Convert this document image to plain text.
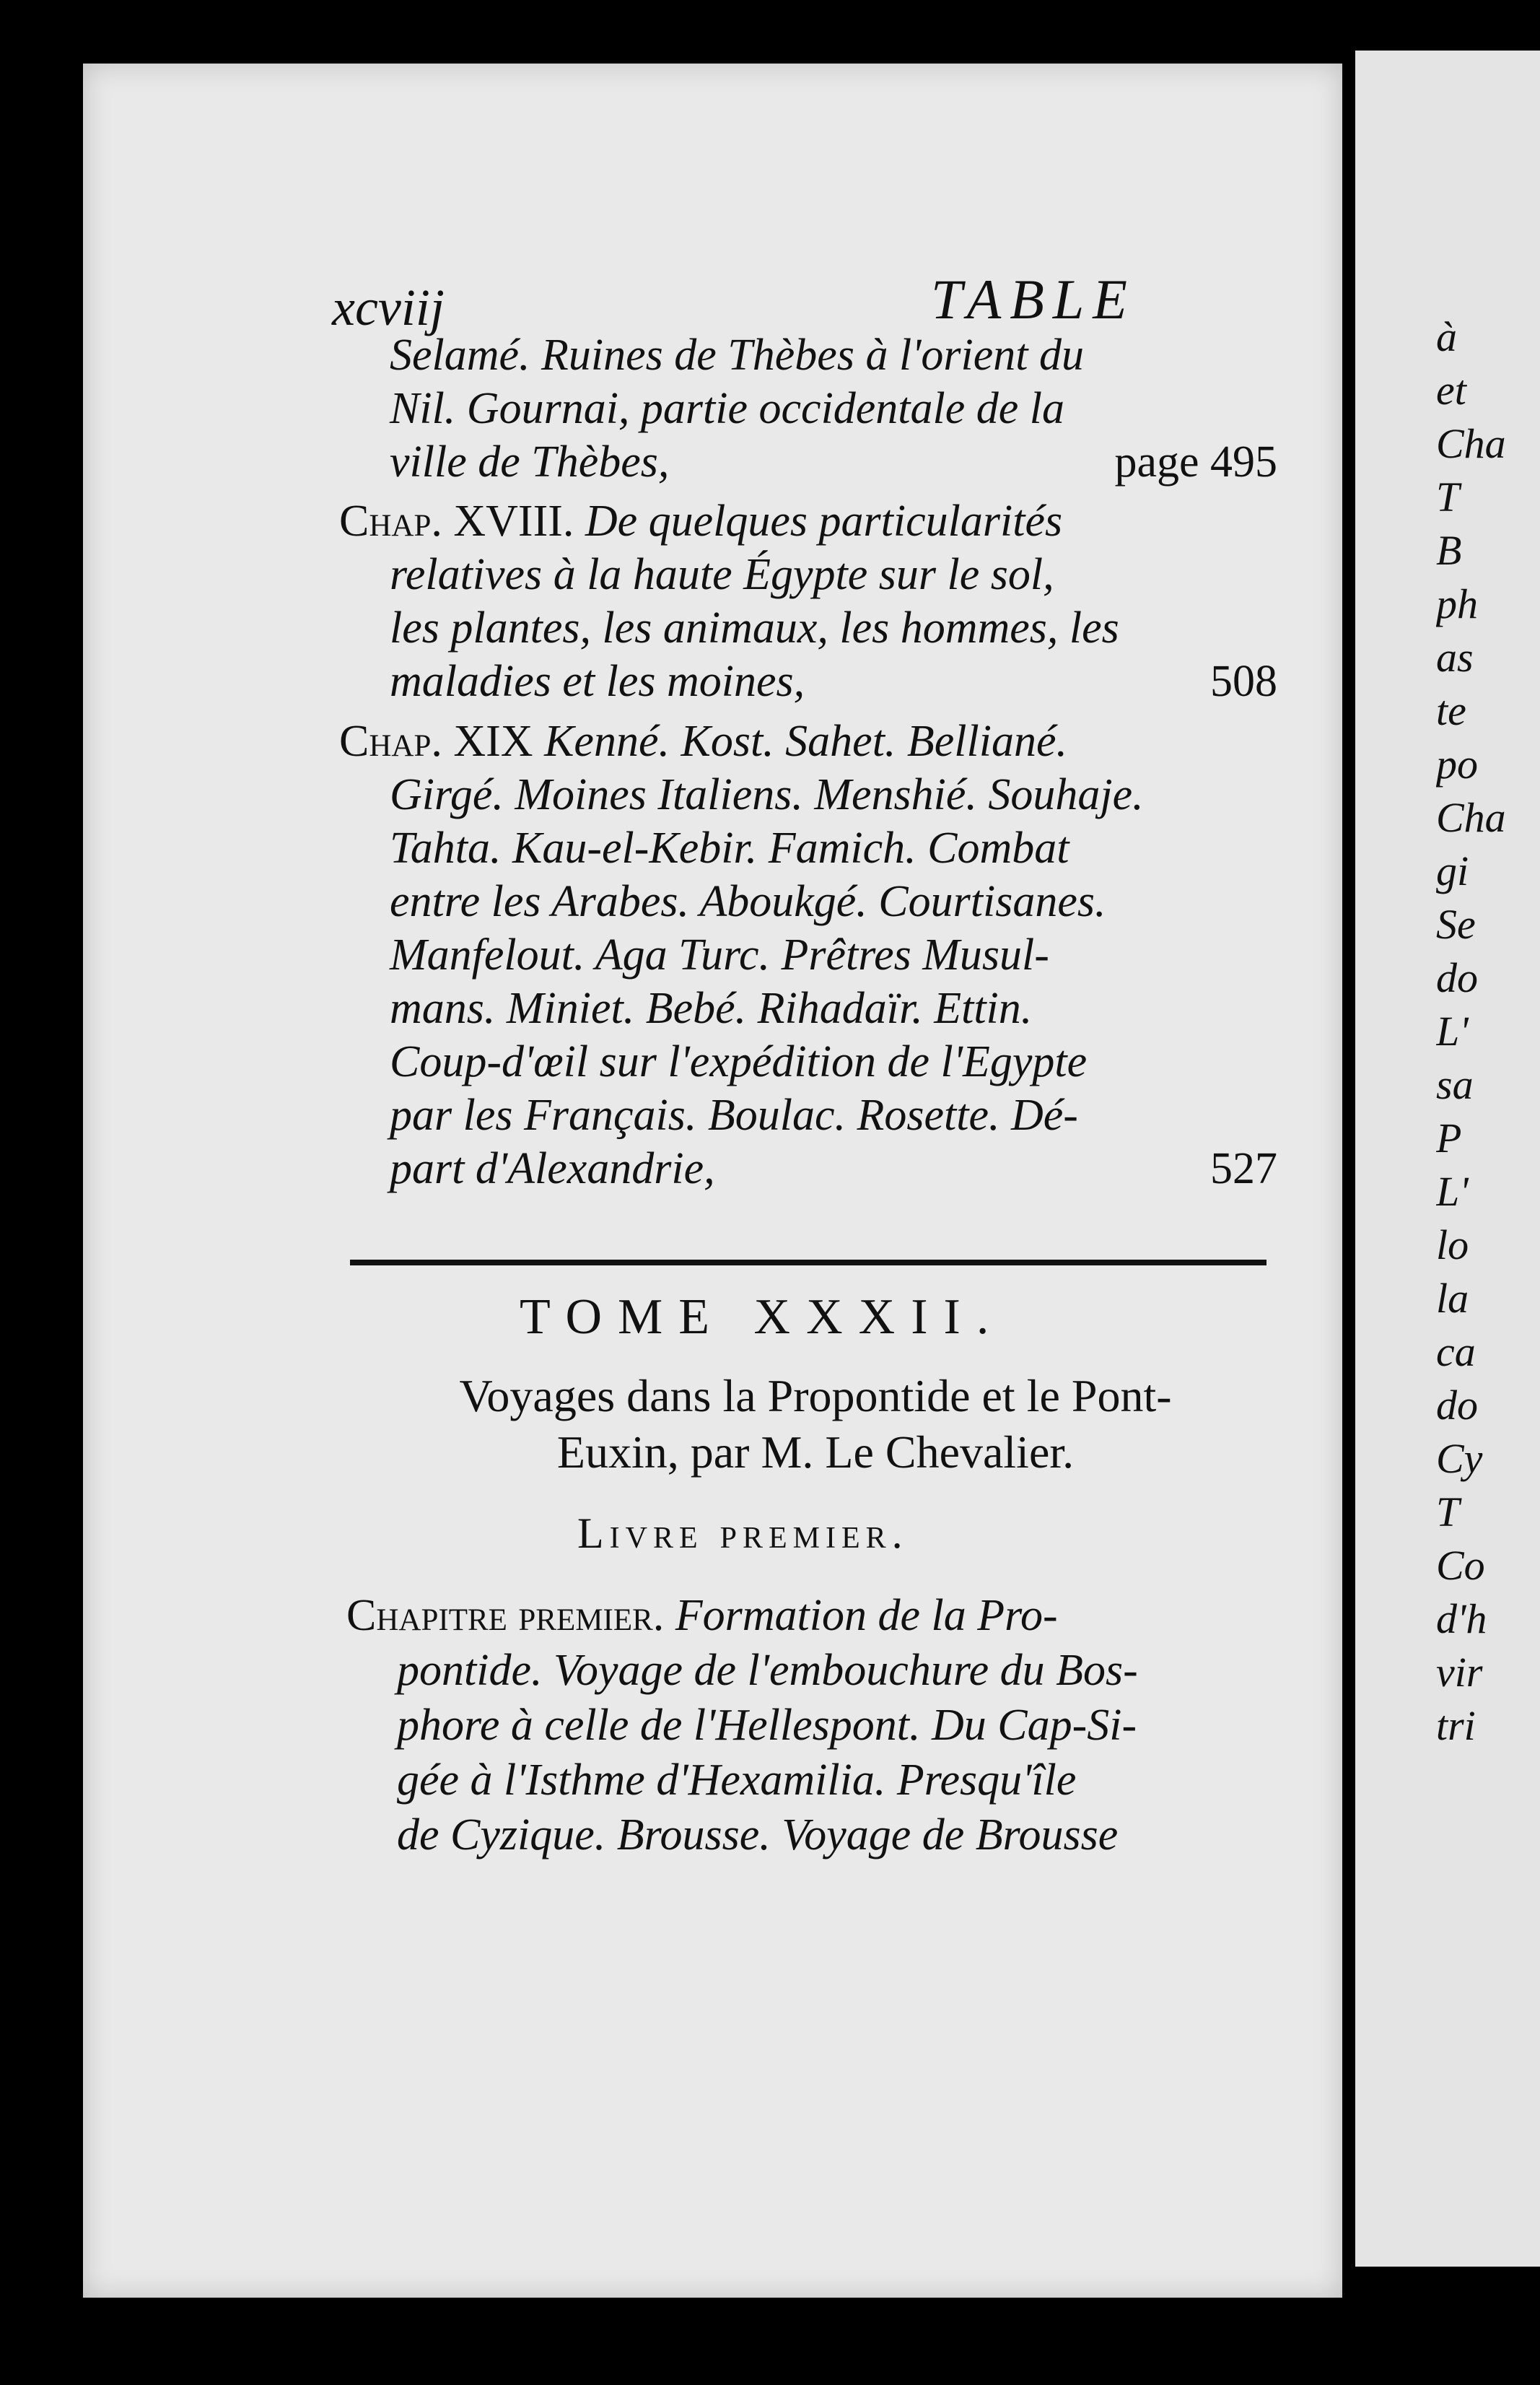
xcviij	TABLE
Selamé. Ruines de Thèbes à l'orient du
Nil. Gournai, partie occidentale de la
ville de Thèbes,	page 495
Chap. XVIII. De quelques particularités
relatives à la haute Égypte sur le sol,
les plantes, les animaux, les hommes, les
maladies et les moines,	508
Chap. XIX Kenné. Kost. Sahet. Belliané.
Girgé. Moines Italiens. Menshié. Souhaje.
Tahta. Kau-el-Kebir. Famich. Combat
entre les Arabes. Aboukgé. Courtisanes.
Manfelout. Aga Turc. Prêtres Musul-
mans. Miniet. Bebé. Rihadaïr. Ettin.
Coup-d'œil sur l'expédition de l'Egypte
par les Français. Boulac. Rosette. Dé-
part d'Alexandrie,	527
TOME XXXII.
Voyages dans la Propontide et le Pont-
Euxin, par M. Le Chevalier.
Livre premier.
Chapitre premier. Formation de la Pro-
pontide. Voyage de l'embouchure du Bos-
phore à celle de l'Hellespont. Du Cap-Si-
gée à l'Isthme d'Hexamilia. Presqu'île
de Cyzique. Brousse. Voyage de Brousse
à
et
Cha
T
B
ph
as
te
po
Cha
gi
Se
do
L'
sa
P
L'
lo
la
ca
do
Cy
T
Co
d'h
vir
tri
